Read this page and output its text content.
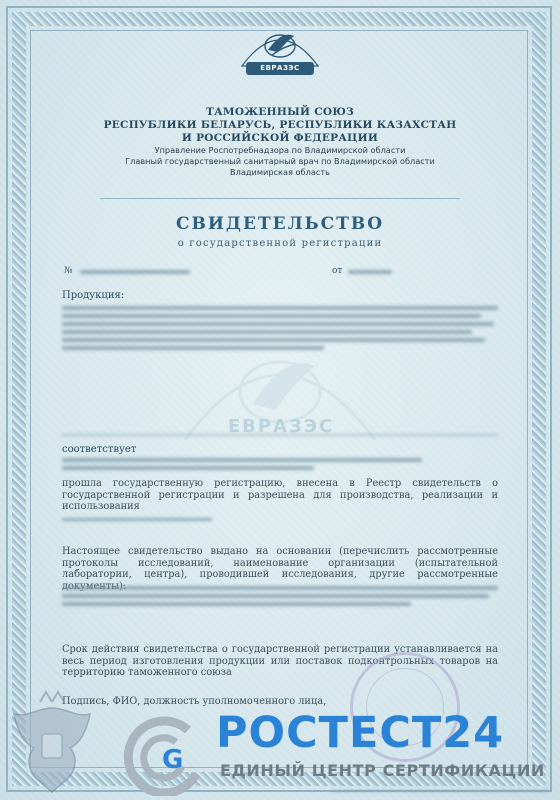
ЕВРАЗЭС
ТАМОЖЕННЫЙ СОЮЗ
РЕСПУБЛИКИ БЕЛАРУСЬ, РЕСПУБЛИКИ КАЗАХСТАН
И РОССИЙСКОЙ ФЕДЕРАЦИИ
Управление Роспотребнадзора по Владимирской области
Главный государственный санитарный врач по Владимирской области
Владимирская область
СВИДЕТЕЛЬСТВО
о государственной регистрации
№	от
ЕВРАЗЭС
Продукция:
соответствует
прошла государственную регистрацию, внесена в Реестр свидетельств о государственной регистрации и разрешена для производства, реализации и использования
Настоящее свидетельство выдано на основании (перечислить рассмотренные протоколы исследований, наименование организации (испытательной лаборатории, центра), проводившей исследования, другие рассмотренные
Срок действия свидетельства о государственной регистрации устанавливается на весь период изготовления продукции или поставок подконтрольных товаров на территорию таможенного союза
Подпись, ФИО, должность уполномоченного лица,
G
РОСТЕСТ24
ЕДИНЫЙ ЦЕНТР СЕРТИФИКАЦИИ
